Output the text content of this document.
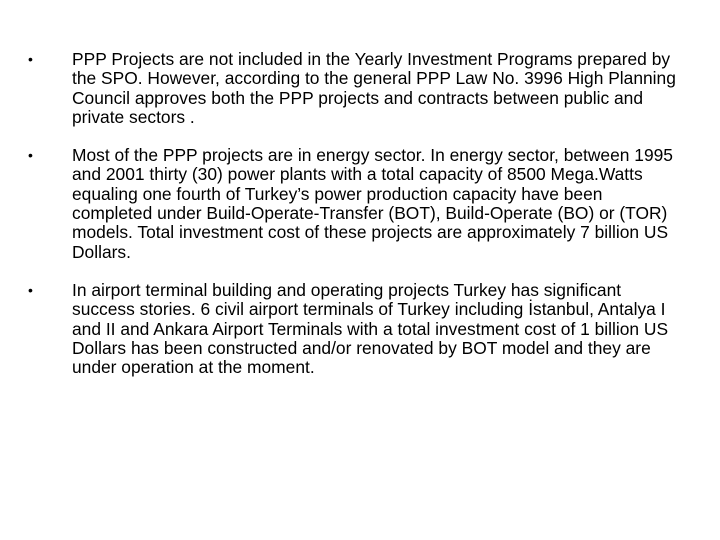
• PPP Projects are not included in the Yearly Investment Programs prepared by the SPO. However, according to the general PPP Law No. 3996 High Planning Council approves both the PPP projects and contracts between public and private sectors .
• Most of the PPP projects are in energy sector. In energy sector, between 1995 and 2001 thirty (30) power plants with a total capacity of 8500 Mega.Watts equaling one fourth of Turkey’s power production capacity have been completed under Build-Operate-Transfer (BOT), Build-Operate (BO) or (TOR) models. Total investment cost of these projects are approximately 7 billion US Dollars.
• In airport terminal building and operating projects Turkey has significant success stories. 6 civil airport terminals of Turkey including İstanbul, Antalya I and II and Ankara Airport Terminals with a total investment cost of 1 billion US Dollars has been constructed and/or renovated by BOT model and they are under operation at the moment.
